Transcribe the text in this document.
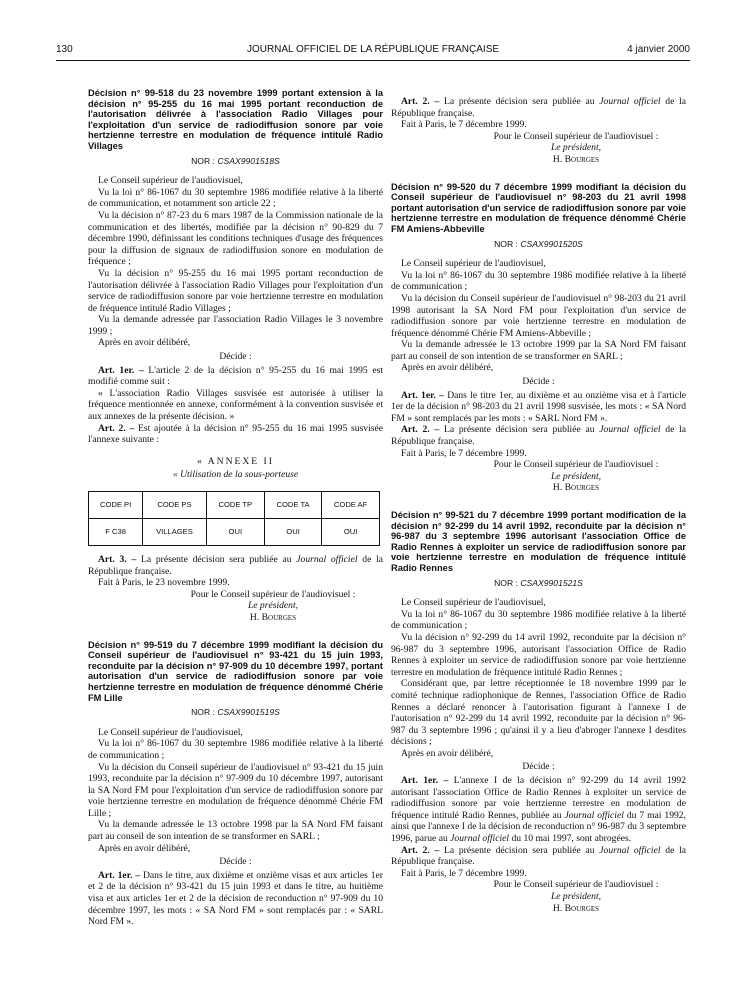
130	JOURNAL OFFICIEL DE LA RÉPUBLIQUE FRANÇAISE	4 janvier 2000
Décision n° 99-518 du 23 novembre 1999 portant extension à la décision n° 95-255 du 16 mai 1995 portant reconduction de l'autorisation délivrée à l'association Radio Villages pour l'exploitation d'un service de radiodiffusion sonore par voie hertzienne terrestre en modulation de fréquence intitulé Radio Villages
NOR : CSAX9901518S

Le Conseil supérieur de l'audiovisuel,

Vu la loi n° 86-1067 du 30 septembre 1986 modifiée relative à la liberté de communication, et notamment son article 22 ;

Vu la décision n° 87-23 du 6 mars 1987 de la Commission nationale de la communication et des libertés, modifiée par la décision n° 90-829 du 7 décembre 1990, définissant les conditions techniques d'usage des fréquences pour la diffusion de signaux de radiodiffusion sonore en modulation de fréquence ;

Vu la décision n° 95-255 du 16 mai 1995 portant reconduction de l'autorisation délivrée à l'association Radio Villages pour l'exploitation d'un service de radiodiffusion sonore par voie hertzienne terrestre en modulation de fréquence intitulé Radio Villages ;

Vu la demande adressée par l'association Radio Villages le 3 novembre 1999 ;

Après en avoir délibéré,

Décide :

Art. 1er. – L'article 2 de la décision n° 95-255 du 16 mai 1995 est modifié comme suit :

« L'association Radio Villages susvisée est autorisée à utiliser la fréquence mentionnée en annexe, conformément à la convention susvisée et aux annexes de la présente décision. »

Art. 2. – Est ajoutée à la décision n° 95-255 du 16 mai 1995 susvisée l'annexe suivante :

« ANNEXE II
« Utilisation de la sous-porteuse
CODE PI	CODE PS	CODE TP	CODE TA	CODE AF
F C38	VILLAGES	OUI	OUI	OUI

Art. 3. – La présente décision sera publiée au Journal officiel de la République française.

Fait à Paris, le 23 novembre 1999.

Pour le Conseil supérieur de l'audiovisuel :
Le président,
H. Bourges
Décision n° 99-519 du 7 décembre 1999 modifiant la décision du Conseil supérieur de l'audiovisuel n° 93-421 du 15 juin 1993, reconduite par la décision n° 97-909 du 10 décembre 1997, portant autorisation d'un service de radiodiffusion sonore par voie hertzienne terrestre en modulation de fréquence dénommé Chérie FM Lille
NOR : CSAX9901519S

Le Conseil supérieur de l'audiovisuel,

Vu la loi n° 86-1067 du 30 septembre 1986 modifiée relative à la liberté de communication ;

Vu la décision du Conseil supérieur de l'audiovisuel n° 93-421 du 15 juin 1993, reconduite par la décision n° 97-909 du 10 décembre 1997, autorisant la SA Nord FM pour l'exploitation d'un service de radiodiffusion sonore par voie hertzienne terrestre en modulation de fréquence dénommé Chérie FM Lille ;

Vu la demande adressée le 13 octobre 1998 par la SA Nord FM faisant part au conseil de son intention de se transformer en SARL ;

Après en avoir délibéré,

Décide :

Art. 1er. – Dans le titre, aux dixième et onzième visas et aux articles 1er et 2 de la décision n° 93-421 du 15 juin 1993 et dans le titre, au huitième visa et aux articles 1er et 2 de la décision de reconduction n° 97-909 du 10 décembre 1997, les mots : « SA Nord FM » sont remplacés par : « SARL Nord FM ».

Art. 2. – La présente décision sera publiée au Journal officiel de la République française.

Fait à Paris, le 7 décembre 1999.

Pour le Conseil supérieur de l'audiovisuel :
Le président,
H. Bourges
Décision n° 99-520 du 7 décembre 1999 modifiant la décision du Conseil supérieur de l'audiovisuel n° 98-203 du 21 avril 1998 portant autorisation d'un service de radiodiffusion sonore par voie hertzienne terrestre en modulation de fréquence dénommé Chérie FM Amiens-Abbeville
NOR : CSAX9901520S

Le Conseil supérieur de l'audiovisuel,

Vu la loi n° 86-1067 du 30 septembre 1986 modifiée relative à la liberté de communication ;

Vu la décision du Conseil supérieur de l'audiovisuel n° 98-203 du 21 avril 1998 autorisant la SA Nord FM pour l'exploitation d'un service de radiodiffusion sonore par voie hertzienne terrestre en modulation de fréquence dénommé Chérie FM Amiens-Abbeville ;

Vu la demande adressée le 13 octobre 1999 par la SA Nord FM faisant part au conseil de son intention de se transformer en SARL ;

Après en avoir délibéré,

Décide :

Art. 1er. – Dans le titre 1er, au dixième et au onzième visa et à l'article 1er de la décision n° 98-203 du 21 avril 1998 susvisée, les mots : « SA Nord FM » sont remplacés par les mots : « SARL Nord FM ».

Art. 2. – La présente décision sera publiée au Journal officiel de la République française.

Fait à Paris, le 7 décembre 1999.

Pour le Conseil supérieur de l'audiovisuel :
Le président,
H. Bourges
Décision n° 99-521 du 7 décembre 1999 portant modification de la décision n° 92-299 du 14 avril 1992, reconduite par la décision n° 96-987 du 3 septembre 1996 autorisant l'association Office de Radio Rennes à exploiter un service de radiodiffusion sonore par voie hertzienne terrestre en modulation de fréquence intitulé Radio Rennes
NOR : CSAX9901521S

Le Conseil supérieur de l'audiovisuel,

Vu la loi n° 86-1067 du 30 septembre 1986 modifiée relative à la liberté de communication ;

Vu la décision n° 92-299 du 14 avril 1992, reconduite par la décision n° 96-987 du 3 septembre 1996, autorisant l'association Office de Radio Rennes à exploiter un service de radiodiffusion sonore par voie hertzienne terrestre en modulation de fréquence intitulé Radio Rennes ;

Considérant que, par lettre réceptionnée le 18 novembre 1999 par le comité technique radiophonique de Rennes, l'association Office de Radio Rennes a déclaré renoncer à l'autorisation figurant à l'annexe I de l'autorisation n° 92-299 du 14 avril 1992, reconduite par la décision n° 96-987 du 3 septembre 1996 ; qu'ainsi il y a lieu d'abroger l'annexe I desdites décisions ;

Après en avoir délibéré,

Décide :

Art. 1er. – L'annexe I de la décision n° 92-299 du 14 avril 1992 autorisant l'association Office de Radio Rennes à exploiter un service de radiodiffusion sonore par voie hertzienne terrestre en modulation de fréquence intitulé Radio Rennes, publiée au Journal officiel du 7 mai 1992, ainsi que l'annexe I de la décision de reconduction n° 96-987 du 3 septembre 1996, parue au Journal officiel du 10 mai 1997, sont abrogées.

Art. 2. – La présente décision sera publiée au Journal officiel de la République française.

Fait à Paris, le 7 décembre 1999.

Pour le Conseil supérieur de l'audiovisuel :
Le président,
H. Bourges
